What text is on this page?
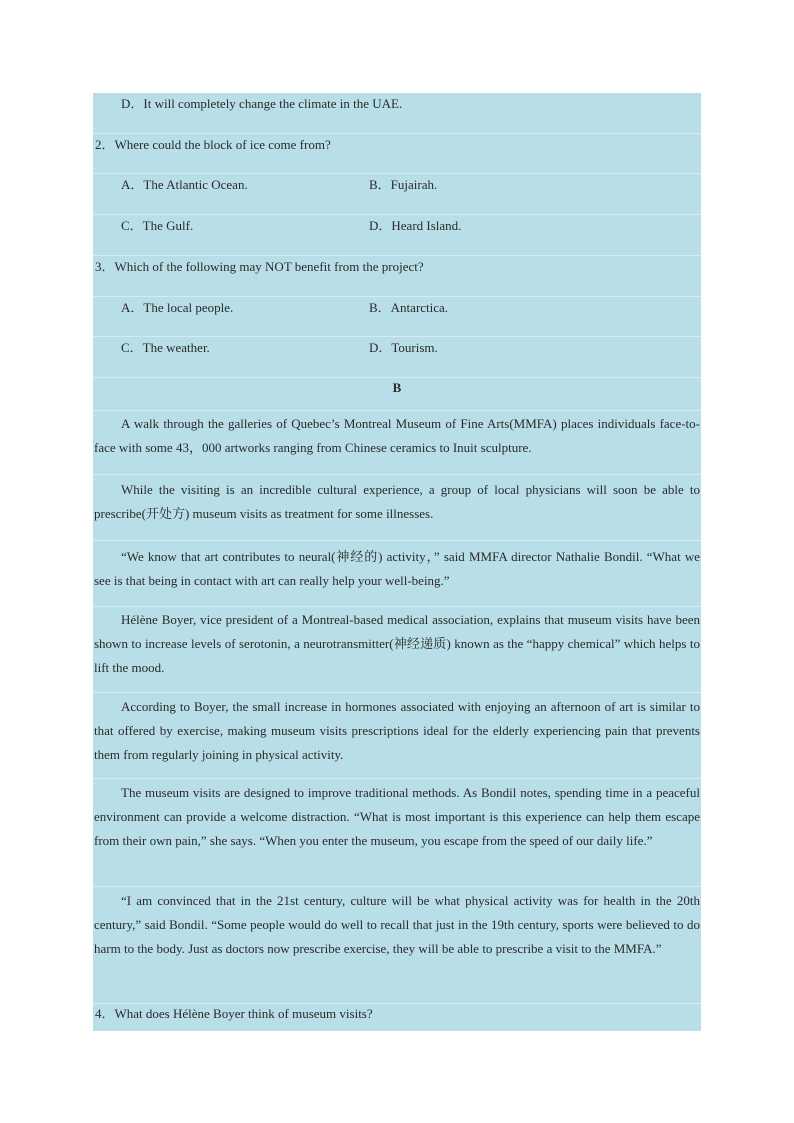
D．It will completely change the climate in the UAE.
2．Where could the block of ice come from?
A．The Atlantic Ocean.	B．Fujairah.
C．The Gulf.	D．Heard Island.
3．Which of the following may NOT benefit from the project?
A．The local people.	B．Antarctica.
C．The weather.	D．Tourism.
B
A walk through the galleries of Quebec’s Montreal Museum of Fine Arts(MMFA) places individuals face-to-face with some 43，000 artworks ranging from Chinese ceramics to Inuit sculpture.
While the visiting is an incredible cultural experience, a group of local physicians will soon be able to prescribe(开处方) museum visits as treatment for some illnesses.
“We know that art contributes to neural(神经的) activity，” said MMFA director Nathalie Bondil. “What we see is that being in contact with art can really help your well-being.”
Hélène Boyer, vice president of a Montreal-based medical association, explains that museum visits have been shown to increase levels of serotonin, a neurotransmitter(神经递质) known as the “happy chemical” which helps to lift the mood.
According to Boyer, the small increase in hormones associated with enjoying an afternoon of art is similar to that offered by exercise, making museum visits prescriptions ideal for the elderly experiencing pain that prevents them from regularly joining in physical activity.
The museum visits are designed to improve traditional methods. As Bondil notes, spending time in a peaceful environment can provide a welcome distraction. “What is most important is this experience can help them escape from their own pain,” she says. “When you enter the museum, you escape from the speed of our daily life.”
“I am convinced that in the 21st century, culture will be what physical activity was for health in the 20th century,” said Bondil. “Some people would do well to recall that just in the 19th century, sports were believed to do harm to the body. Just as doctors now prescribe exercise, they will be able to prescribe a visit to the MMFA.”
4．What does Hélène Boyer think of museum visits?
